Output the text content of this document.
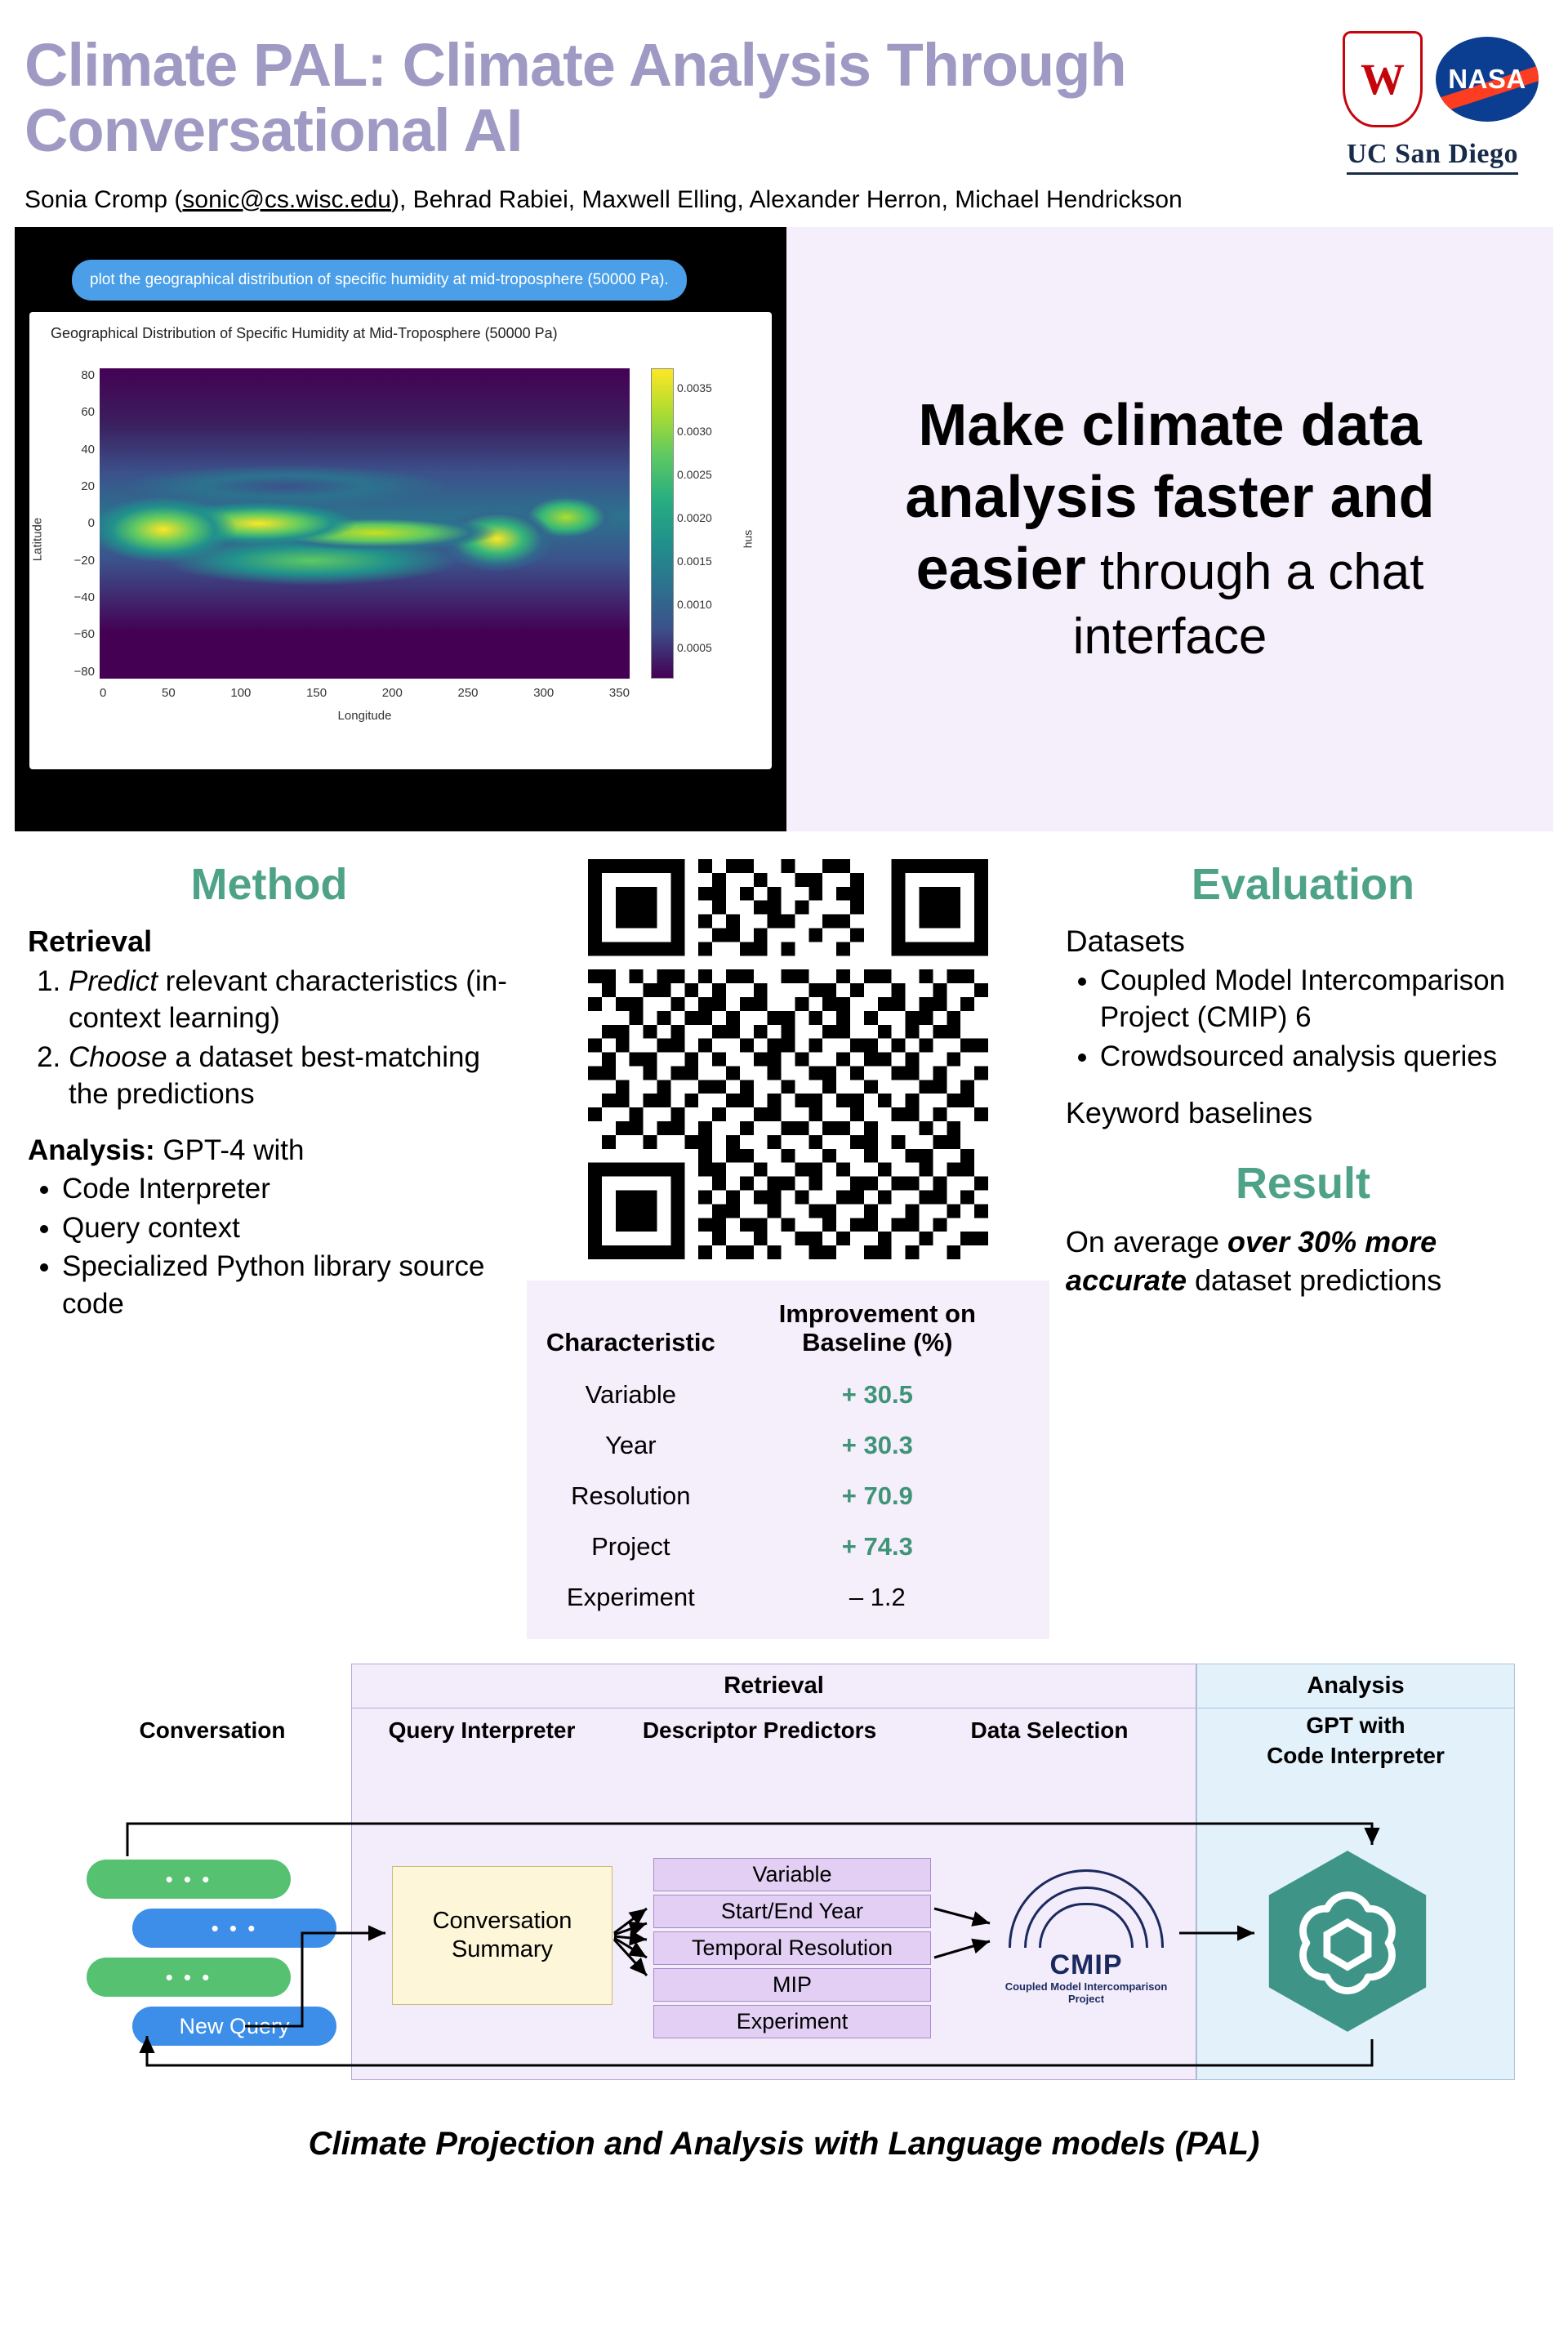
Climate PAL: Climate Analysis Through Conversational AI
W NASA
UC San Diego
Sonia Cromp (sonic@cs.wisc.edu), Behrad Rabiei, Maxwell Elling, Alexander Herron, Michael Hendrickson
plot the geographical distribution of specific humidity at mid-troposphere (50000 Pa).
Geographical Distribution of Specific Humidity at Mid-Troposphere (50000 Pa)
Latitude
80
60
40
20
0
−20
−40
−60
−80
0.0035
0.0030
0.0025
0.0020
0.0015
0.0010
0.0005
hus
0	50	100	150	200	250	300	350
Longitude
Make climate data analysis faster and easier through a chat interface
Method
Retrieval
1. Predict relevant characteristics (in-context learning)
2. Choose a dataset best-matching the predictions
Analysis: GPT-4 with
• Code Interpreter
• Query context
• Specialized Python library source code
Characteristic	Improvement on Baseline (%)
Variable	+ 30.5
Year	+ 30.3
Resolution	+ 70.9
Project	+ 74.3
Experiment	– 1.2
Evaluation
Datasets
• Coupled Model Intercomparison Project (CMIP) 6
• Crowdsourced analysis queries
Keyword baselines
Result
On average over 30% more accurate dataset predictions
Retrieval	Analysis
Conversation	Query Interpreter	Descriptor Predictors	Data Selection	GPT with
Code Interpreter
• • •
• • •
• • •
New Query
Conversation
Summary
Variable
Start/End Year
Temporal Resolution
MIP
Experiment
CMIP
Coupled Model Intercomparison Project
Climate Projection and Analysis with Language models (PAL)
